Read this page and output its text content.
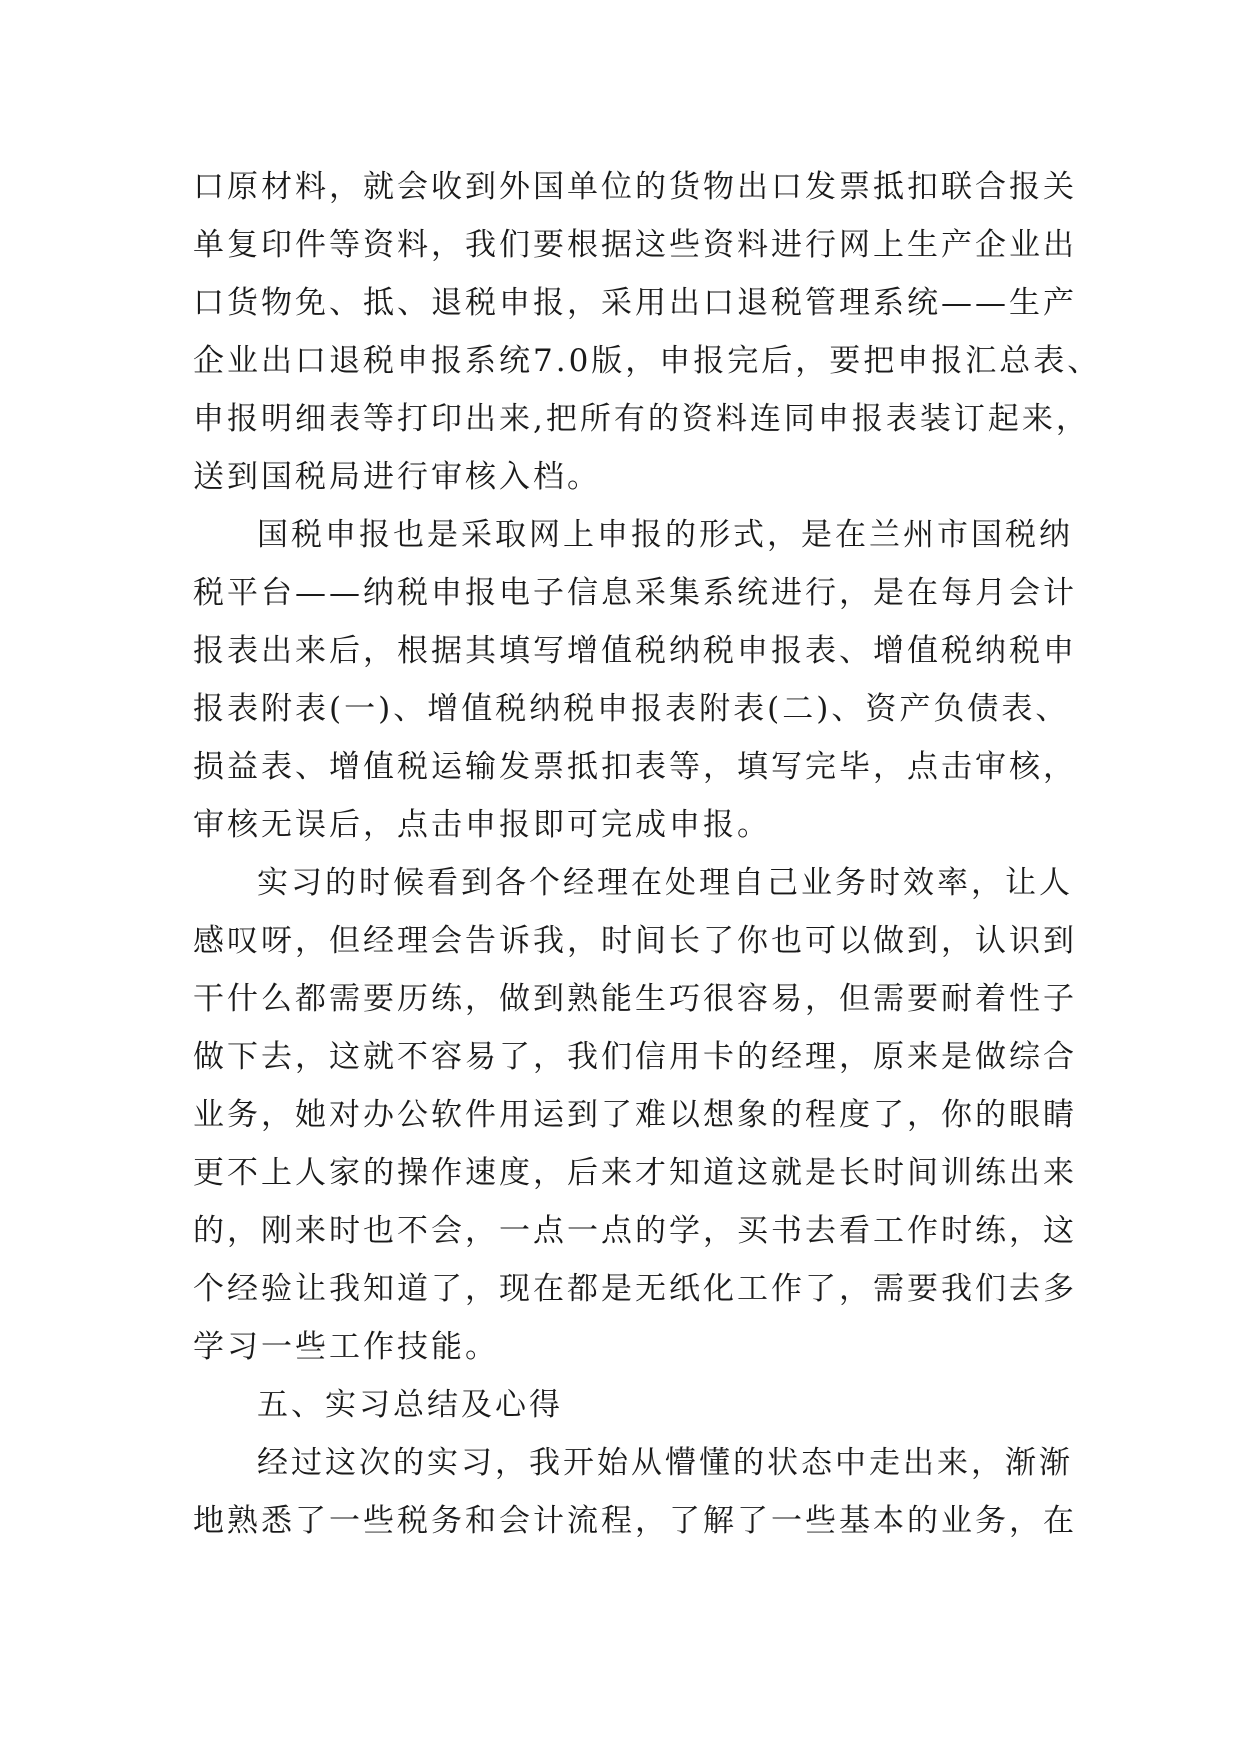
口原材料，就会收到外国单位的货物出口发票抵扣联合报关
单复印件等资料，我们要根据这些资料进行网上生产企业出
口货物免、抵、退税申报，采用出口退税管理系统——生产
企业出口退税申报系统7.0版，申报完后，要把申报汇总表、
申报明细表等打印出来,把所有的资料连同申报表装订起来，
送到国税局进行审核入档。
国税申报也是采取网上申报的形式，是在兰州市国税纳
税平台——纳税申报电子信息采集系统进行，是在每月会计
报表出来后，根据其填写增值税纳税申报表、增值税纳税申
报表附表(一)、增值税纳税申报表附表(二)、资产负债表、
损益表、增值税运输发票抵扣表等，填写完毕，点击审核，
审核无误后，点击申报即可完成申报。
实习的时候看到各个经理在处理自己业务时效率，让人
感叹呀，但经理会告诉我，时间长了你也可以做到，认识到
干什么都需要历练，做到熟能生巧很容易，但需要耐着性子
做下去，这就不容易了，我们信用卡的经理，原来是做综合
业务，她对办公软件用运到了难以想象的程度了，你的眼睛
更不上人家的操作速度，后来才知道这就是长时间训练出来
的，刚来时也不会，一点一点的学，买书去看工作时练，这
个经验让我知道了，现在都是无纸化工作了，需要我们去多
学习一些工作技能。
五、实习总结及心得
经过这次的实习，我开始从懵懂的状态中走出来，渐渐
地熟悉了一些税务和会计流程，了解了一些基本的业务，在
